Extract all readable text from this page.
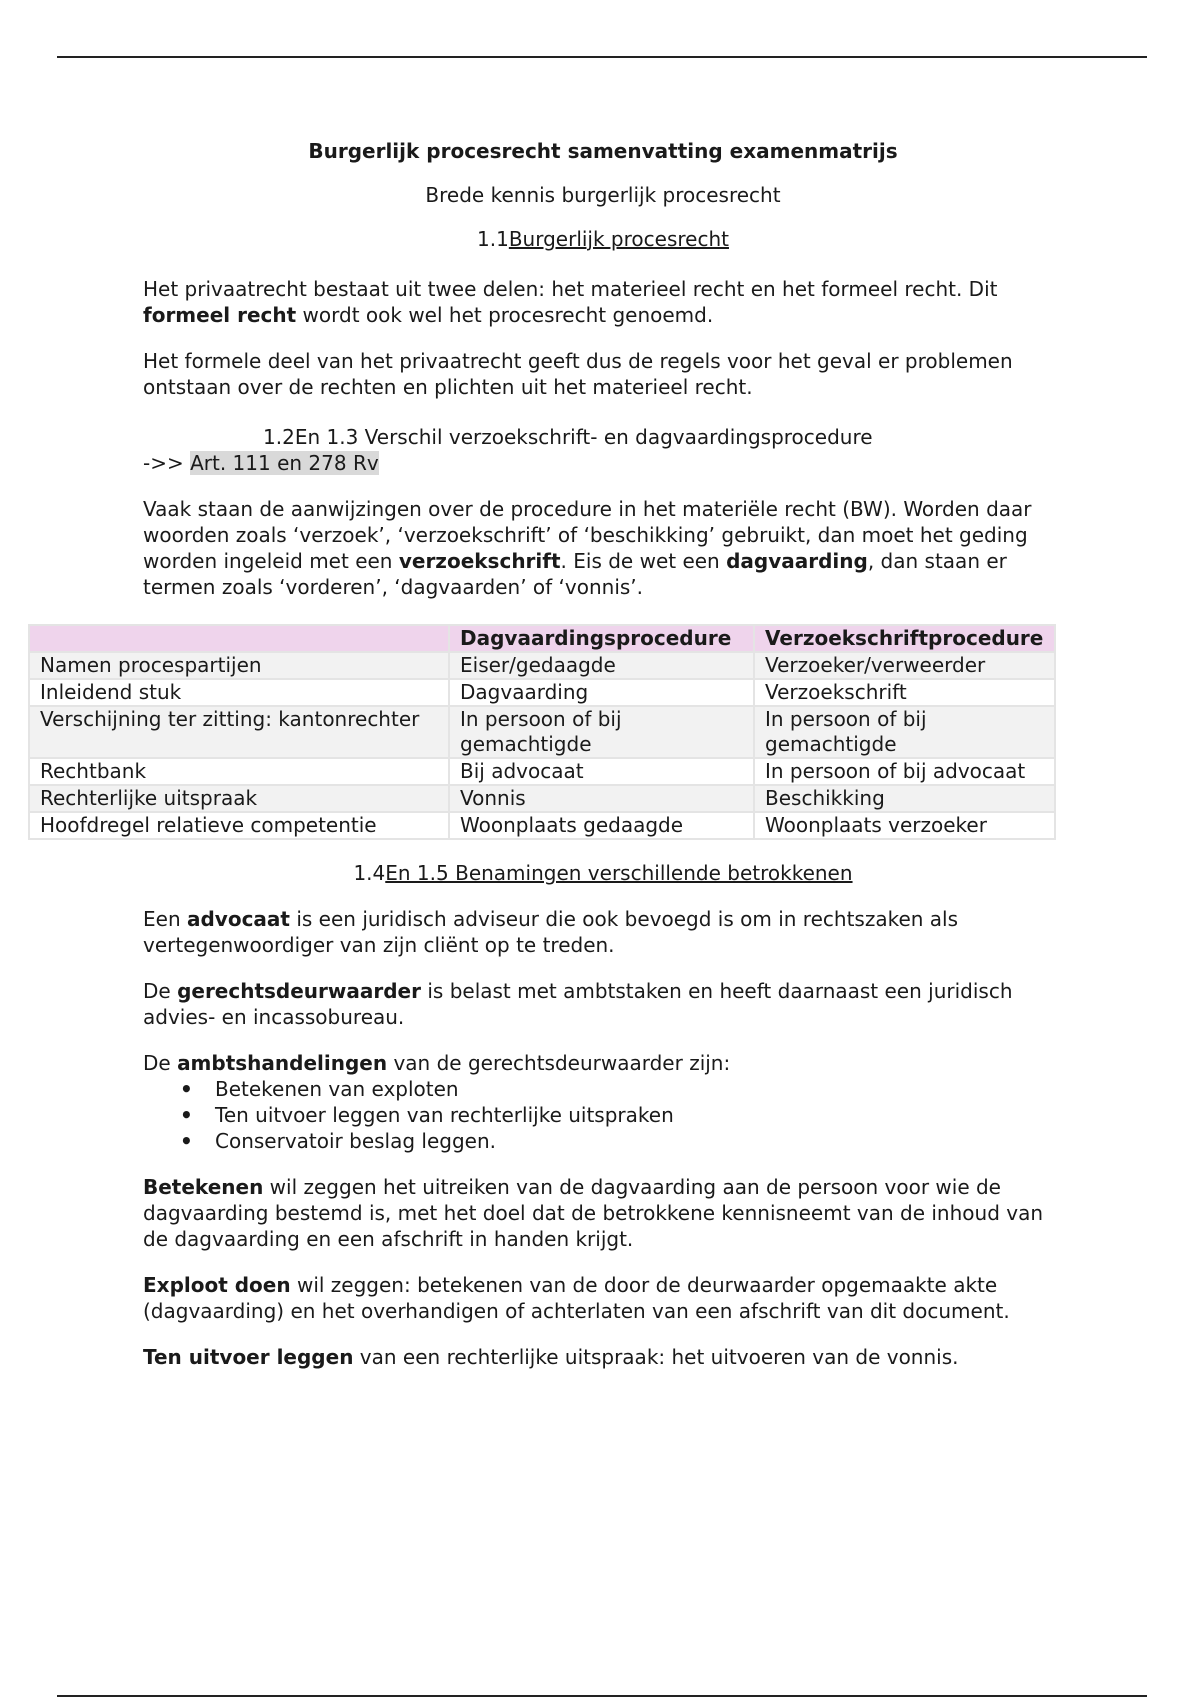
Burgerlijk procesrecht samenvatting examenmatrijs

Brede kennis burgerlijk procesrecht

1.1Burgerlijk procesrecht

Het privaatrecht bestaat uit twee delen: het materieel recht en het formeel recht. Dit formeel recht wordt ook wel het procesrecht genoemd.

Het formele deel van het privaatrecht geeft dus de regels voor het geval er problemen ontstaan over de rechten en plichten uit het materieel recht.

1.2En 1.3 Verschil verzoekschrift- en dagvaardingsprocedure

->> Art. 111 en 278 Rv

Vaak staan de aanwijzingen over de procedure in het materiële recht (BW). Worden daar woorden zoals ‘verzoek’, ‘verzoekschrift’ of ‘beschikking’ gebruikt, dan moet het geding worden ingeleid met een verzoekschrift. Eis de wet een dagvaarding, dan staan er termen zoals ‘vorderen’, ‘dagvaarden’ of ‘vonnis’.

	Dagvaardingsprocedure	Verzoekschriftprocedure
Namen procespartijen	Eiser/gedaagde	Verzoeker/verweerder
Inleidend stuk	Dagvaarding	Verzoekschrift
Verschijning ter zitting: kantonrechter	In persoon of bij gemachtigde	In persoon of bij gemachtigde
Rechtbank	Bij advocaat	In persoon of bij advocaat
Rechterlijke uitspraak	Vonnis	Beschikking
Hoofdregel relatieve competentie	Woonplaats gedaagde	Woonplaats verzoeker

1.4En 1.5 Benamingen verschillende betrokkenen

Een advocaat is een juridisch adviseur die ook bevoegd is om in rechtszaken als vertegenwoordiger van zijn cliënt op te treden.

De gerechtsdeurwaarder is belast met ambtstaken en heeft daarnaast een juridisch advies- en incassobureau.

De ambtshandelingen van de gerechtsdeurwaarder zijn:

• Betekenen van exploten
• Ten uitvoer leggen van rechterlijke uitspraken
• Conservatoir beslag leggen.

Betekenen wil zeggen het uitreiken van de dagvaarding aan de persoon voor wie de dagvaarding bestemd is, met het doel dat de betrokkene kennisneemt van de inhoud van de dagvaarding en een afschrift in handen krijgt.

Exploot doen wil zeggen: betekenen van de door de deurwaarder opgemaakte akte (dagvaarding) en het overhandigen of achterlaten van een afschrift van dit document.

Ten uitvoer leggen van een rechterlijke uitspraak: het uitvoeren van de vonnis.
